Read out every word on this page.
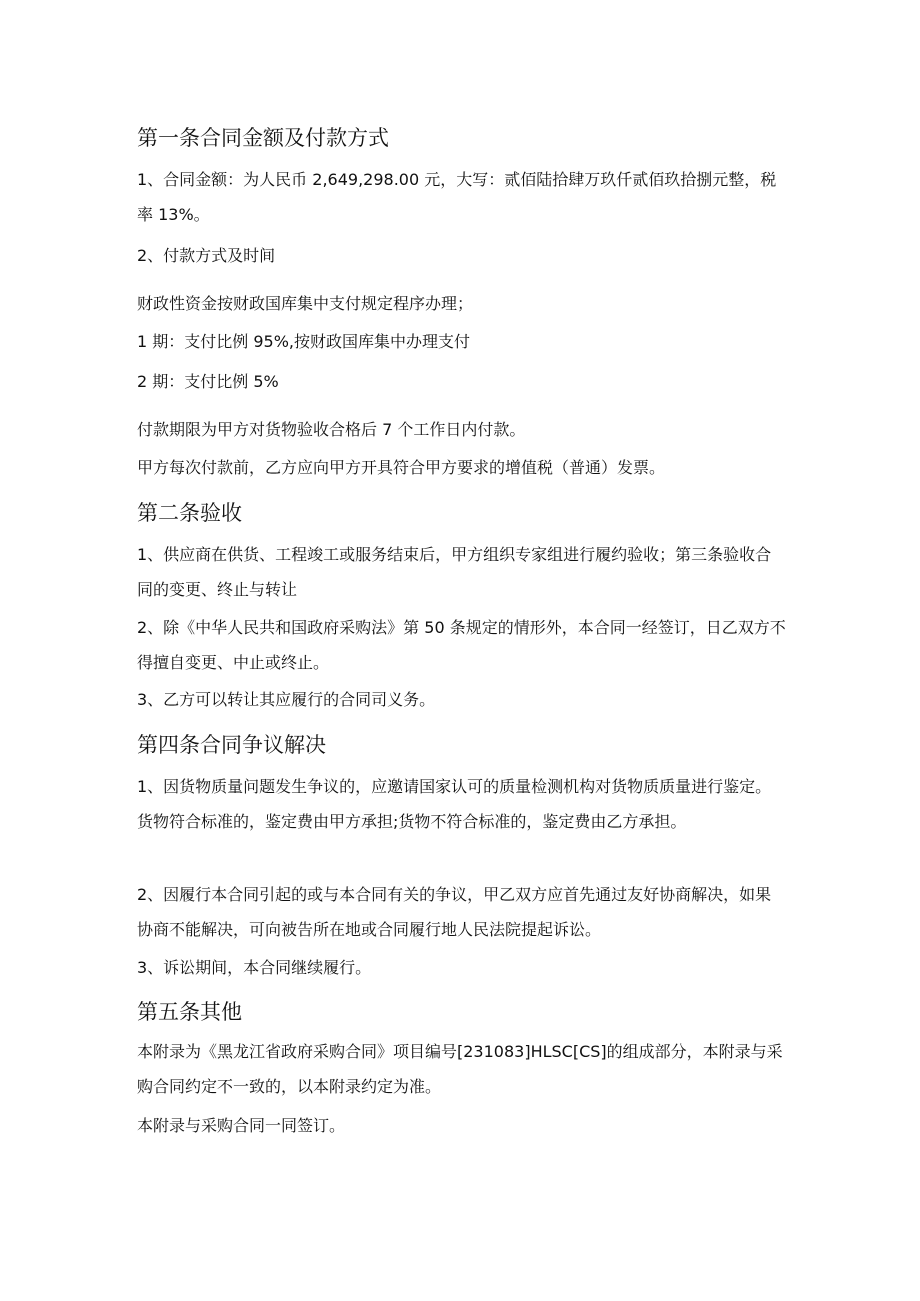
第一条合同金额及付款方式
1、合同金额：为人民币 2,649,298.00 元，大写：贰佰陆拾肆万玖仟贰佰玖拾捌元整，税率 13%。
2、付款方式及时间
财政性资金按财政国库集中支付规定程序办理；
1 期：支付比例 95%,按财政国库集中办理支付
2 期：支付比例 5%
付款期限为甲方对货物验收合格后 7 个工作日内付款。
甲方每次付款前，乙方应向甲方开具符合甲方要求的增值税（普通）发票。
第二条验收
1、供应商在供货、工程竣工或服务结束后，甲方组织专家组进行履约验收；第三条验收合同的变更、终止与转让
2、除《中华人民共和国政府采购法》第 50 条规定的情形外，本合同一经签订，日乙双方不得擅自变更、中止或终止。
3、乙方可以转让其应履行的合同司义务。
第四条合同争议解决
1、因货物质量问题发生争议的，应邀请国家认可的质量检测机构对货物质质量进行鉴定。货物符合标准的，鉴定费由甲方承担;货物不符合标准的，鉴定费由乙方承担。
2、因履行本合同引起的或与本合同有关的争议，甲乙双方应首先通过友好协商解决，如果协商不能解决，可向被告所在地或合同履行地人民法院提起诉讼。
3、诉讼期间，本合同继续履行。
第五条其他
本附录为《黑龙江省政府采购合同》项目编号[231083]HLSC[CS]的组成部分，本附录与采购合同约定不一致的，以本附录约定为准。
本附录与采购合同一同签订。
